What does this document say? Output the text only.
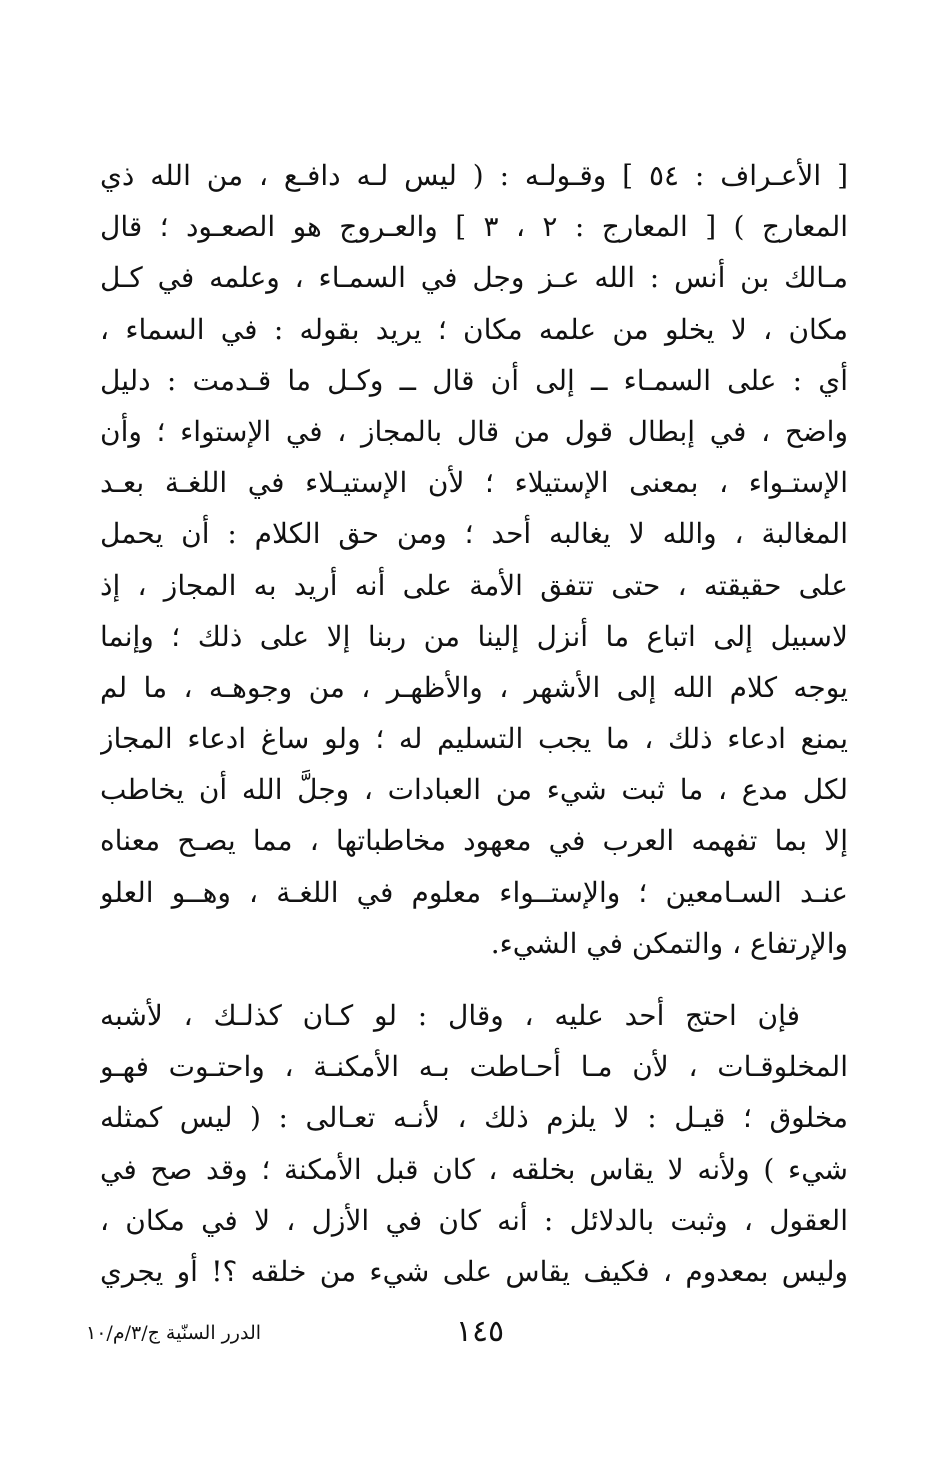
[ الأعـراف : ٥٤ ] وقـولـه : ( ليس لـه دافـع ، من الله ذي
المعارج ) [ المعارج : ٢ ، ٣ ] والعـروج هو الصعـود ؛ قال
مـالك بن أنس : الله عـز وجل في السمـاء ، وعلمه في كـل
مكان ، لا يخلو من علمه مكان ؛ يريد بقوله : في السماء ،
أي : على السمـاء ــ إلى أن قال ــ وكـل ما قـدمت : دليل
واضح ، في إبطال قول من قال بالمجاز ، في الإستواء ؛ وأن
الإستـواء ، بمعنى الإستيلاء ؛ لأن الإستيـلاء في اللغـة بعـد
المغالبة ، والله لا يغالبه أحد ؛ ومن حق الكلام : أن يحمل
على حقيقته ، حتى تتفق الأمة على أنه أريد به المجاز ، إذ
لاسبيل إلى اتباع ما أنزل إلينا من ربنا إلا على ذلك ؛ وإنما
يوجه كلام الله إلى الأشهر ، والأظهـر ، من وجوهـه ، ما لم
يمنع ادعاء ذلك ، ما يجب التسليم له ؛ ولو ساغ ادعاء المجاز
لكل مدع ، ما ثبت شيء من العبادات ، وجلَّ الله أن يخاطب
إلا بما تفهمه العرب في معهود مخاطباتها ، مما يصـح معناه
عنـد السـامعين ؛ والإستــواء معلوم في اللغـة ، وهــو العلو
والإرتفاع ، والتمكن في الشيء.
فإن احتج أحد عليه ، وقال : لو كـان كذلـك ، لأشبه
المخلوقـات ، لأن مـا أحـاطت بـه الأمكنـة ، واحتـوت فهـو
مخلوق ؛ قيـل : لا يلزم ذلك ، لأنـه تعـالى : ( ليس كمثله
شيء ) ولأنه لا يقاس بخلقه ، كان قبل الأمكنة ؛ وقد صح في
العقول ، وثبت بالدلائل : أنه كان في الأزل ، لا في مكان ،
وليس بمعدوم ، فكيف يقاس على شيء من خلقه ؟! أو يجري
١٤٥
الدرر السنّية ج/٣/م/١٠
